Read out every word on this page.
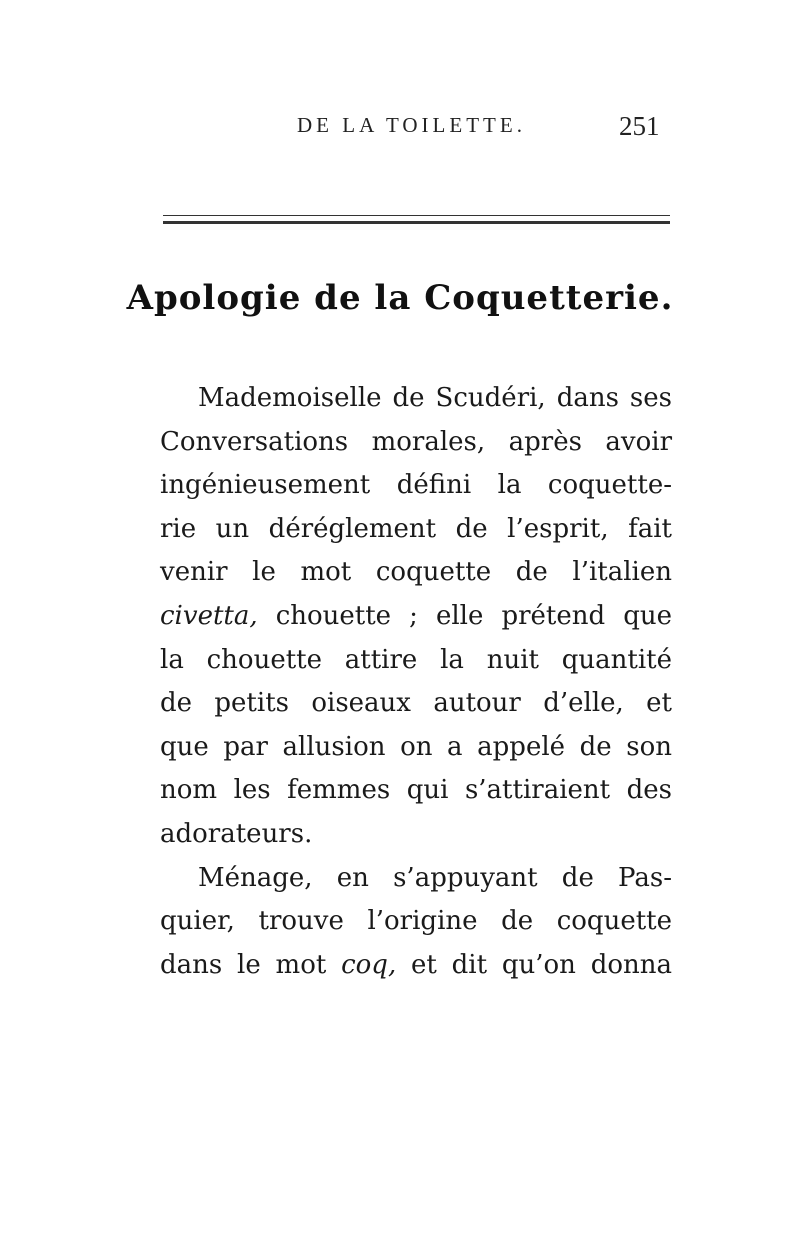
DE LA TOILETTE.	251
Apologie de la Coquetterie.
Mademoiselle de Scudéri, dans ses
Conversations morales, après avoir
ingénieusement défini la coquette-
rie un déréglement de l’esprit, fait
venir le mot coquette de l’italien
civetta, chouette ; elle prétend que
la chouette attire la nuit quantité
de petits oiseaux autour d’elle, et
que par allusion on a appelé de son
nom les femmes qui s’attiraient des
adorateurs.
Ménage, en s’appuyant de Pas-
quier, trouve l’origine de coquette
dans le mot coq, et dit qu’on donna
